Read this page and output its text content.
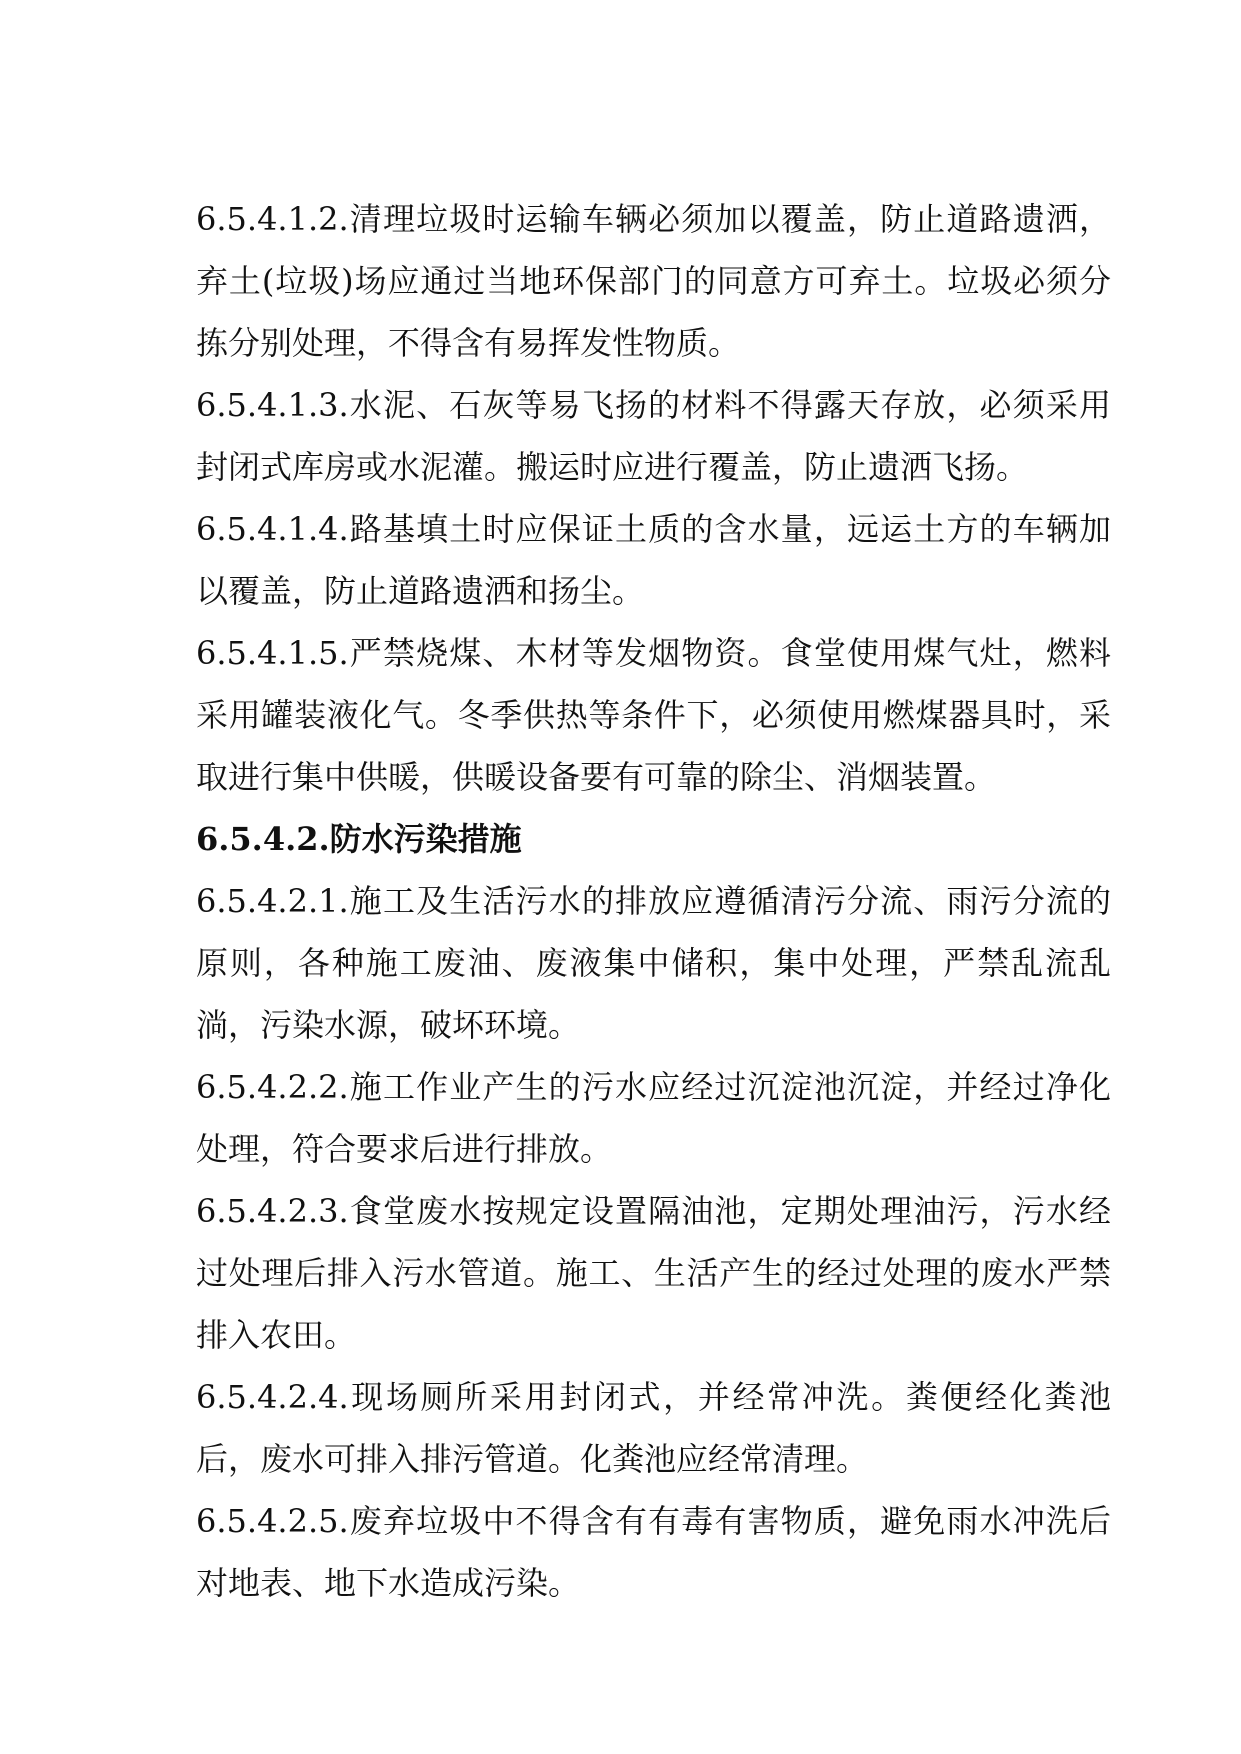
6.5.4.1.2.清理垃圾时运输车辆必须加以覆盖，防止道路遗洒，弃土(垃圾)场应通过当地环保部门的同意方可弃土。垃圾必须分拣分别处理，不得含有易挥发性物质。

6.5.4.1.3.水泥、石灰等易飞扬的材料不得露天存放，必须采用封闭式库房或水泥灌。搬运时应进行覆盖，防止遗洒飞扬。

6.5.4.1.4.路基填土时应保证土质的含水量，远运土方的车辆加以覆盖，防止道路遗洒和扬尘。

6.5.4.1.5.严禁烧煤、木材等发烟物资。食堂使用煤气灶，燃料采用罐装液化气。冬季供热等条件下，必须使用燃煤器具时，采取进行集中供暖，供暖设备要有可靠的除尘、消烟装置。

6.5.4.2.防水污染措施

6.5.4.2.1.施工及生活污水的排放应遵循清污分流、雨污分流的原则，各种施工废油、废液集中储积，集中处理，严禁乱流乱淌，污染水源，破坏环境。

6.5.4.2.2.施工作业产生的污水应经过沉淀池沉淀，并经过净化处理，符合要求后进行排放。

6.5.4.2.3.食堂废水按规定设置隔油池，定期处理油污，污水经过处理后排入污水管道。施工、生活产生的经过处理的废水严禁排入农田。

6.5.4.2.4.现场厕所采用封闭式，并经常冲洗。粪便经化粪池后，废水可排入排污管道。化粪池应经常清理。

6.5.4.2.5.废弃垃圾中不得含有有毒有害物质，避免雨水冲洗后对地表、地下水造成污染。
